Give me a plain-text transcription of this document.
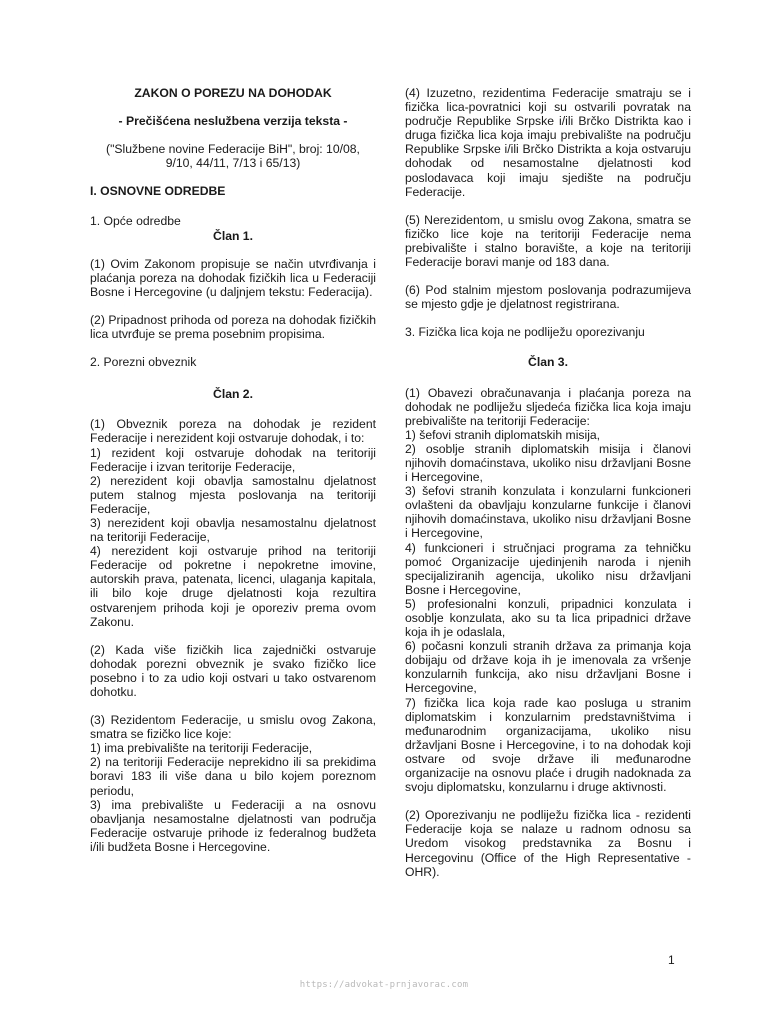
ZAKON O POREZU NA DOHODAK

- Prečišćena neslužbena verzija teksta -

("Službene novine Federacije BiH", broj: 10/08,
9/10, 44/11, 7/13 i 65/13)

I. OSNOVNE ODREDBE

1. Opće odredbe

Član 1.

(1) Ovim Zakonom propisuje se način utvrđivanja i plaćanja poreza na dohodak fizičkih lica u Federaciji Bosne i Hercegovine (u daljnjem tekstu: Federacija).

(2) Pripadnost prihoda od poreza na dohodak fizičkih lica utvrđuje se prema posebnim propisima.

2. Porezni obveznik

Član 2.

(1) Obveznik poreza na dohodak je rezident Federacije i nerezident koji ostvaruje dohodak, i to:

1) rezident koji ostvaruje dohodak na teritoriji Federacije i izvan teritorije Federacije,

2) nerezident koji obavlja samostalnu djelatnost putem stalnog mjesta poslovanja na teritoriji Federacije,

3) nerezident koji obavlja nesamostalnu djelatnost na teritoriji Federacije,

4) nerezident koji ostvaruje prihod na teritoriji Federacije od pokretne i nepokretne imovine, autorskih prava, patenata, licenci, ulaganja kapitala, ili bilo koje druge djelatnosti koja rezultira ostvarenjem prihoda koji je oporeziv prema ovom Zakonu.

(2) Kada više fizičkih lica zajednički ostvaruje dohodak porezni obveznik je svako fizičko lice posebno i to za udio koji ostvari u tako ostvarenom dohotku.

(3) Rezidentom Federacije, u smislu ovog Zakona, smatra se fizičko lice koje:

1) ima prebivalište na teritoriji Federacije,

2) na teritoriji Federacije neprekidno ili sa prekidima boravi 183 ili više dana u bilo kojem poreznom periodu,

3) ima prebivalište u Federaciji a na osnovu obavljanja nesamostalne djelatnosti van područja Federacije ostvaruje prihode iz federalnog budžeta i/ili budžeta Bosne i Hercegovine.

(4) Izuzetno, rezidentima Federacije smatraju se i fizička lica-povratnici koji su ostvarili povratak na područje Republike Srpske i/ili Brčko Distrikta kao i druga fizička lica koja imaju prebivalište na području Republike Srpske i/ili Brčko Distrikta a koja ostvaruju dohodak od nesamostalne djelatnosti kod poslodavaca koji imaju sjedište na području Federacije.

(5) Nerezidentom, u smislu ovog Zakona, smatra se fizičko lice koje na teritoriji Federacije nema prebivalište i stalno boravište, a koje na teritoriji Federacije boravi manje od 183 dana.

(6) Pod stalnim mjestom poslovanja podrazumijeva se mjesto gdje je djelatnost registrirana.

3. Fizička lica koja ne podliježu oporezivanju

Član 3.

(1) Obavezi obračunavanja i plaćanja poreza na dohodak ne podliježu sljedeća fizička lica koja imaju prebivalište na teritoriji Federacije:

1) šefovi stranih diplomatskih misija,

2) osoblje stranih diplomatskih misija i članovi njihovih domaćinstava, ukoliko nisu državljani Bosne i Hercegovine,

3) šefovi stranih konzulata i konzularni funkcioneri ovlašteni da obavljaju konzularne funkcije i članovi njihovih domaćinstava, ukoliko nisu državljani Bosne i Hercegovine,

4) funkcioneri i stručnjaci programa za tehničku pomoć Organizacije ujedinjenih naroda i njenih specijaliziranih agencija, ukoliko nisu državljani Bosne i Hercegovine,

5) profesionalni konzuli, pripadnici konzulata i osoblje konzulata, ako su ta lica pripadnici države koja ih je odaslala,

6) počasni konzuli stranih država za primanja koja dobijaju od države koja ih je imenovala za vršenje konzularnih funkcija, ako nisu državljani Bosne i Hercegovine,

7) fizička lica koja rade kao posluga u stranim diplomatskim i konzularnim predstavništvima i međunarodnim organizacijama, ukoliko nisu državljani Bosne i Hercegovine, i to na dohodak koji ostvare od svoje države ili međunarodne organizacije na osnovu plaće i drugih nadoknada za svoju diplomatsku, konzularnu i druge aktivnosti.

(2) Oporezivanju ne podliježu fizička lica - rezidenti Federacije koja se nalaze u radnom odnosu sa Uredom visokog predstavnika za Bosnu i Hercegovinu (Office of the High Representative - OHR).

1
https://advokat-prnjavorac.com
